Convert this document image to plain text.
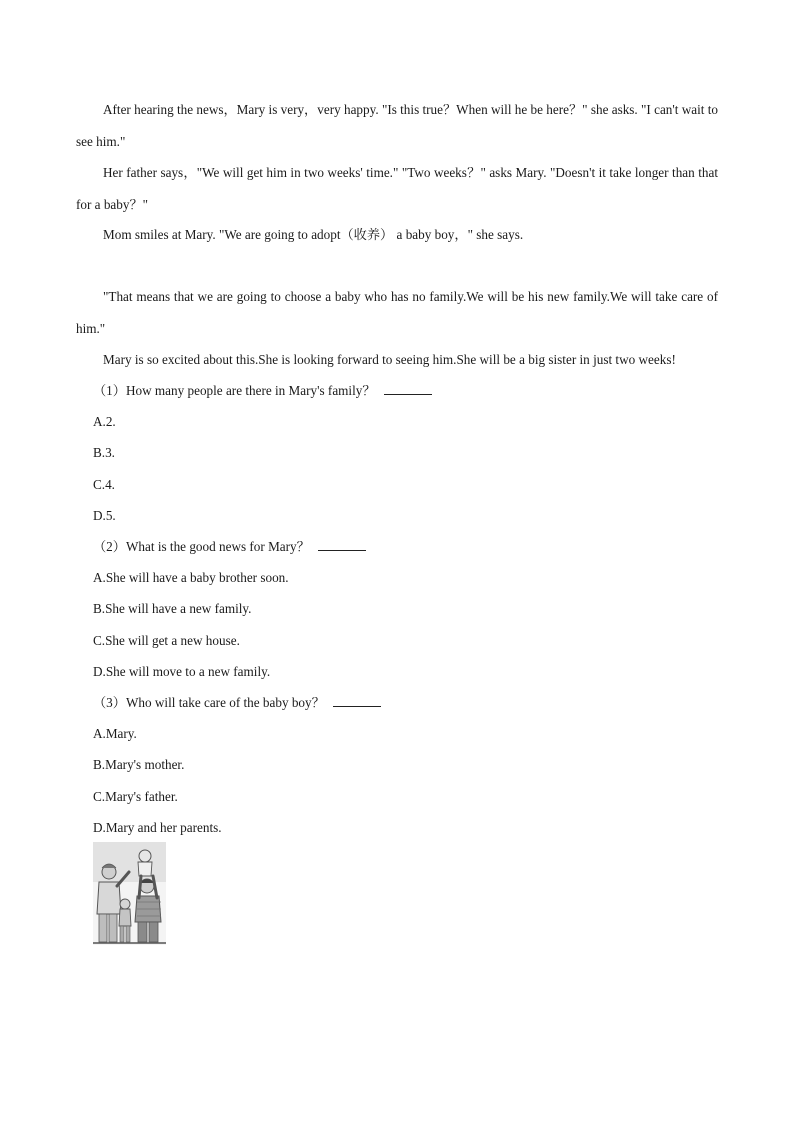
After hearing the news，Mary is very，very happy. "Is this true？When will he be here？" she asks. "I can't wait to see him."

Her father says，"We will get him in two weeks' time." "Two weeks？" asks Mary. "Doesn't it take longer than that for a baby？"

Mom smiles at Mary. "We are going to adopt（收养） a baby boy，" she says.

"That means that we are going to choose a baby who has no family.We will be his new family.We will take care of him."

Mary is so excited about this.She is looking forward to seeing him.She will be a big sister in just two weeks!

（1）How many people are there in Mary's family？
A.2.
B.3.
C.4.
D.5.
（2）What is the good news for Mary？
A.She will have a baby brother soon.
B.She will have a new family.
C.She will get a new house.
D.She will move to a new family.
（3）Who will take care of the baby boy？
A.Mary.
B.Mary's mother.
C.Mary's father.
D.Mary and her parents.
